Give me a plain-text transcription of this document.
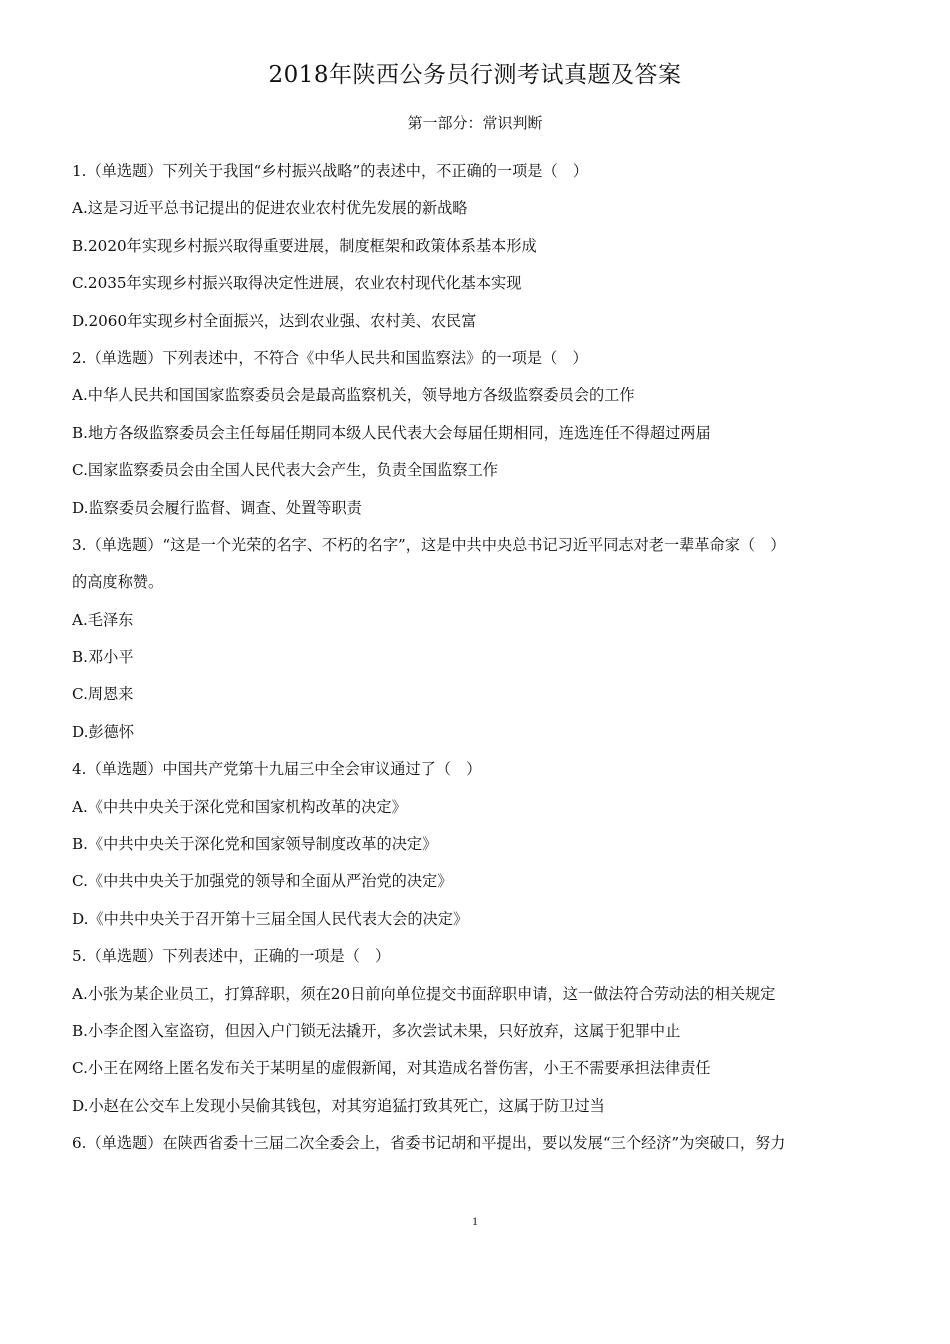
2018年陕西公务员行测考试真题及答案
第一部分：常识判断
1.（单选题）下列关于我国“乡村振兴战略”的表述中，不正确的一项是（　）
A.这是习近平总书记提出的促进农业农村优先发展的新战略
B.2020年实现乡村振兴取得重要进展，制度框架和政策体系基本形成
C.2035年实现乡村振兴取得决定性进展，农业农村现代化基本实现
D.2060年实现乡村全面振兴，达到农业强、农村美、农民富
2.（单选题）下列表述中，不符合《中华人民共和国监察法》的一项是（　）
A.中华人民共和国国家监察委员会是最高监察机关，领导地方各级监察委员会的工作
B.地方各级监察委员会主任每届任期同本级人民代表大会每届任期相同，连选连任不得超过两届
C.国家监察委员会由全国人民代表大会产生，负责全国监察工作
D.监察委员会履行监督、调查、处置等职责
3.（单选题）“这是一个光荣的名字、不朽的名字”，这是中共中央总书记习近平同志对老一辈革命家（　）
的高度称赞。
A.毛泽东
B.邓小平
C.周恩来
D.彭德怀
4.（单选题）中国共产党第十九届三中全会审议通过了（　）
A.《中共中央关于深化党和国家机构改革的决定》
B.《中共中央关于深化党和国家领导制度改革的决定》
C.《中共中央关于加强党的领导和全面从严治党的决定》
D.《中共中央关于召开第十三届全国人民代表大会的决定》
5.（单选题）下列表述中，正确的一项是（　）
A.小张为某企业员工，打算辞职，须在20日前向单位提交书面辞职申请，这一做法符合劳动法的相关规定
B.小李企图入室盗窃，但因入户门锁无法撬开，多次尝试未果，只好放弃，这属于犯罪中止
C.小王在网络上匿名发布关于某明星的虚假新闻，对其造成名誉伤害，小王不需要承担法律责任
D.小赵在公交车上发现小吴偷其钱包，对其穷追猛打致其死亡，这属于防卫过当
6.（单选题）在陕西省委十三届二次全委会上，省委书记胡和平提出，要以发展“三个经济”为突破口，努力
1
